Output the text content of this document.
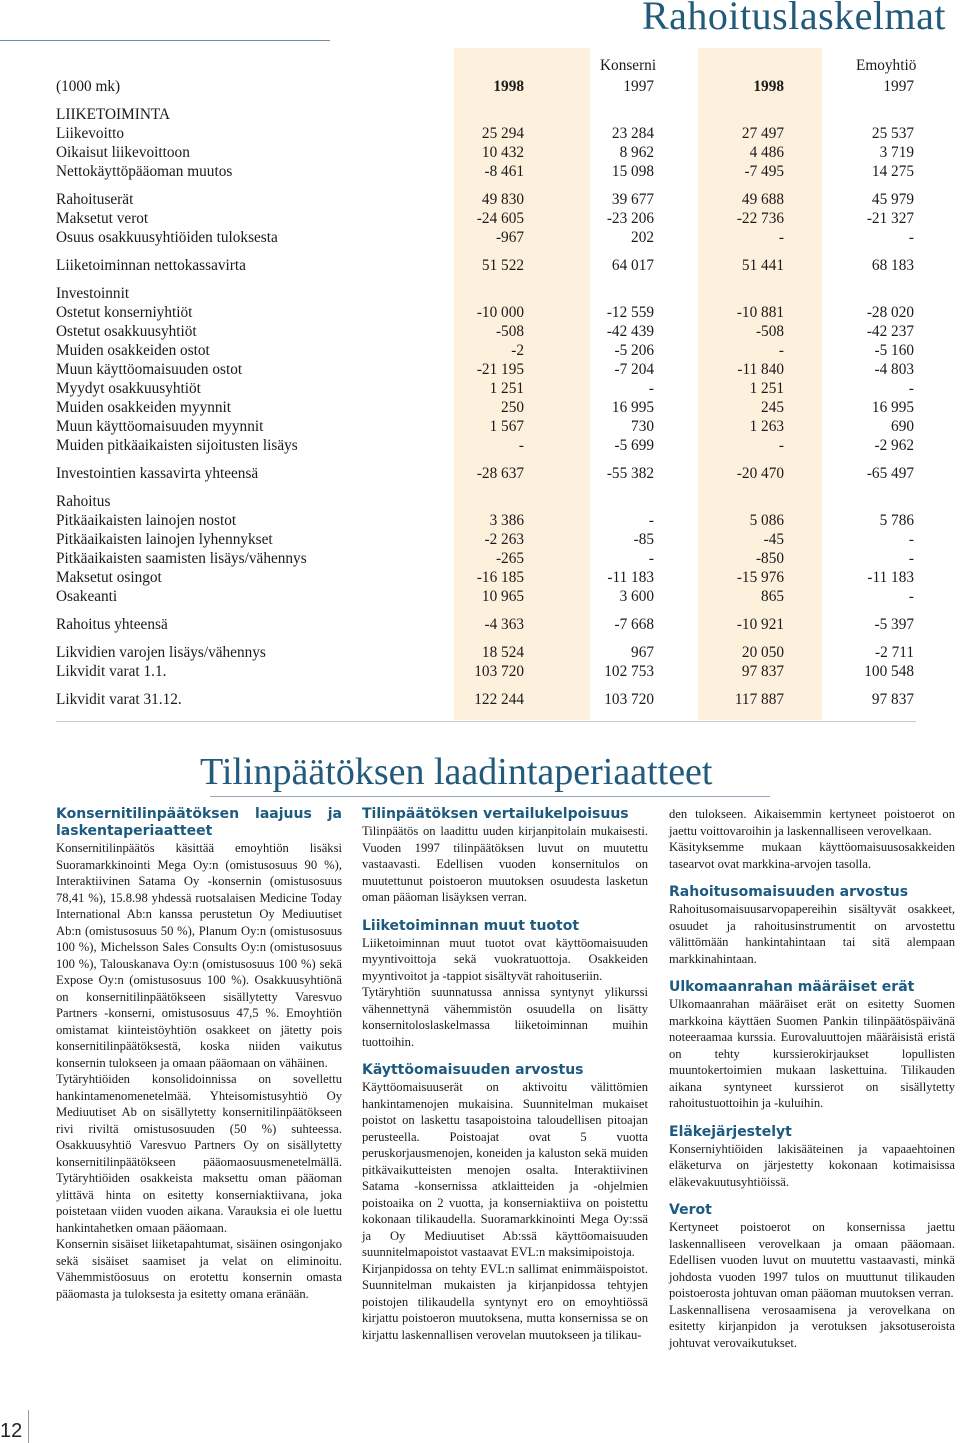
Rahoituslaskelmat
Konserni	Emoyhtiö
(1000 mk)	1998	1997	1998	1997
LIIKETOIMINTA
Liikevoitto	25 294	23 284	27 497	25 537
Oikaisut liikevoittoon	10 432	8 962	4 486	3 719
Nettokäyttöpääoman muutos	-8 461	15 098	-7 495	14 275
Rahoituserät	49 830	39 677	49 688	45 979
Maksetut verot	-24 605	-23 206	-22 736	-21 327
Osuus osakkuusyhtiöiden tuloksesta	-967	202	-	-
Liiketoiminnan nettokassavirta	51 522	64 017	51 441	68 183
Investoinnit
Ostetut konserniyhtiöt	-10 000	-12 559	-10 881	-28 020
Ostetut osakkuusyhtiöt	-508	-42 439	-508	-42 237
Muiden osakkeiden ostot	-2	-5 206	-	-5 160
Muun käyttöomaisuuden ostot	-21 195	-7 204	-11 840	-4 803
Myydyt osakkuusyhtiöt	1 251	-	1 251	-
Muiden osakkeiden myynnit	250	16 995	245	16 995
Muun käyttöomaisuuden myynnit	1 567	730	1 263	690
Muiden pitkäaikaisten sijoitusten lisäys	-	-5 699	-	-2 962
Investointien kassavirta yhteensä	-28 637	-55 382	-20 470	-65 497
Rahoitus
Pitkäaikaisten lainojen nostot	3 386	-	5 086	5 786
Pitkäaikaisten lainojen lyhennykset	-2 263	-85	-45	-
Pitkäaikaisten saamisten lisäys/vähennys	-265	-	-850	-
Maksetut osingot	-16 185	-11 183	-15 976	-11 183
Osakeanti	10 965	3 600	865	-
Rahoitus yhteensä	-4 363	-7 668	-10 921	-5 397
Likvidien varojen lisäys/vähennys	18 524	967	20 050	-2 711
Likvidit varat 1.1.	103 720	102 753	97 837	100 548
Likvidit varat 31.12.	122 244	103 720	117 887	97 837
Tilinpäätöksen laadintaperiaatteet
Konsernitilinpäätöksen laajuus ja laskentaperiaatteet

Konsernitilinpäätös käsittää emoyhtiön lisäksi Suoramarkkinointi Mega Oy:n (omistusosuus 90 %), Interaktiivinen Satama Oy -konsernin (omistusosuus 78,41 %), 15.8.98 yhdessä ruotsalaisen Medicine Today International Ab:n kanssa perustetun Oy Mediuutiset Ab:n (omistusosuus 50 %), Planum Oy:n (omistusosuus 100 %), Michelsson Sales Consults Oy:n (omistusosuus 100 %), Talouskanava Oy:n (omistusosuus 100 %) sekä Expose Oy:n (omistusosuus 100 %). Osakkuusyhtiönä on konsernitilinpäätökseen sisällytetty Varesvuo Partners -konserni, omistusosuus 47,5 %. Emoyhtiön omistamat kiinteistöyhtiön osakkeet on jätetty pois konsernitilinpäätöksestä, koska niiden vaikutus konsernin tulokseen ja omaan pääomaan on vähäinen.

Tytäryhtiöiden konsolidoinnissa on sovellettu hankintamenomenetelmää. Yhteisomistusyhtiö Oy Mediuutiset Ab on sisällytetty konsernitilinpäätökseen rivi riviltä omistusosuuden (50 %) suhteessa. Osakkuusyhtiö Varesvuo Partners Oy on sisällytetty konsernitilinpäätökseen pääomaosuusmenetelmällä. Tytäryhtiöiden osakkeista maksettu oman pääoman ylittävä hinta on esitetty konserniaktiivana, joka poistetaan viiden vuoden aikana. Varauksia ei ole luettu hankintahetken omaan pääomaan.

Konsernin sisäiset liiketapahtumat, sisäinen osingonjako sekä sisäiset saamiset ja velat on eliminoitu. Vähemmistöosuus on erotettu konsernin omasta pääomasta ja tuloksesta ja esitetty omana eränään.

Tilinpäätöksen vertailukelpoisuus

Tilinpäätös on laadittu uuden kirjanpitolain mukaisesti. Vuoden 1997 tilinpäätöksen luvut on muutettu vastaavasti. Edellisen vuoden konsernitulos on muutettunut poistoeron muutoksen osuudesta lasketun oman pääoman lisäyksen verran.

Liiketoiminnan muut tuotot

Liiketoiminnan muut tuotot ovat käyttöomaisuuden myyntivoittoja sekä vuokratuottoja. Osakkeiden myyntivoitot ja -tappiot sisältyvät rahoituseriin.

Tytäryhtiön suunnatussa annissa syntynyt ylikurssi vähennettynä vähemmistön osuudella on lisätty konsernitoloslaskelmassa liiketoiminnan muihin tuottoihin.

Käyttöomaisuuden arvostus

Käyttöomaisuuserät on aktivoitu välittömien hankintamenojen mukaisina. Suunnitelman mukaiset poistot on laskettu tasapoistoina taloudellisen pitoajan perusteella. Poistoajat ovat 5 vuotta peruskorjausmenojen, koneiden ja kaluston sekä muiden pitkävaikutteisten menojen osalta. Interaktiivinen Satama -konsernissa atklaitteiden ja -ohjelmien poistoaika on 2 vuotta, ja konserniaktiiva on poistettu kokonaan tilikaudella. Suoramarkkinointi Mega Oy:ssä ja Oy Mediuutiset Ab:ssä käyttöomaisuuden suunnitelmapoistot vastaavat EVL:n maksimipoistoja.

Kirjanpidossa on tehty EVL:n sallimat enimmäispoistot. Suunnitelman mukaisten ja kirjanpidossa tehtyjen poistojen tilikaudella syntynyt ero on emoyhtiössä kirjattu poistoeron muutoksena, mutta konsernissa se on kirjattu laskennallisen verovelan muutokseen ja tilikau-

den tulokseen. Aikaisemmin kertyneet poistoerot on jaettu voittovaroihin ja laskennalliseen verovelkaan.

Käsityksemme mukaan käyttöomaisuusosakkeiden tasearvot ovat markkina-arvojen tasolla.

Rahoitusomaisuuden arvostus

Rahoitusomaisuusarvopapereihin sisältyvät osakkeet, osuudet ja rahoitusinstrumentit on arvostettu välittömään hankintahintaan tai sitä alempaan markkinahintaan.

Ulkomaanrahan määräiset erät

Ulkomaanrahan määräiset erät on esitetty Suomen markkoina käyttäen Suomen Pankin tilinpäätöspäivänä noteeraamaa kurssia. Eurovaluuttojen määräisistä eristä on tehty kurssierokirjaukset lopullisten muuntokertoimien mukaan laskettuina. Tilikauden aikana syntyneet kurssierot on sisällytetty rahoitustuottoihin ja -kuluihin.

Eläkejärjestelyt

Konserniyhtiöiden lakisääteinen ja vapaaehtoinen eläketurva on järjestetty kokonaan kotimaisissa eläkevakuutusyhtiöissä.

Verot

Kertyneet poistoerot on konsernissa jaettu laskennalliseen verovelkaan ja omaan pääomaan. Edellisen vuoden luvut on muutettu vastaavasti, minkä johdosta vuoden 1997 tulos on muuttunut tilikauden poistoerosta johtuvan oman pääoman muutoksen verran.

Laskennallisena verosaamisena ja verovelkana on esitetty kirjanpidon ja verotuksen jaksotuseroista johtuvat verovaikutukset.

12
